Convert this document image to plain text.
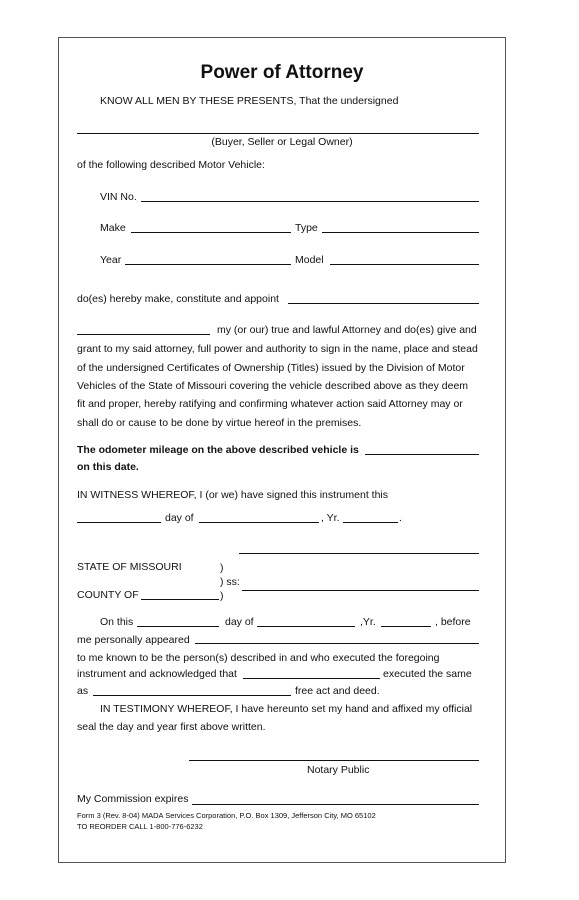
Power of Attorney
KNOW ALL MEN BY THESE PRESENTS, That the undersigned
(Buyer, Seller or Legal Owner)
of the following described Motor Vehicle:
VIN No.
Make	Type
Year	Model
do(es) hereby make, constitute and appoint
my (or our) true and lawful Attorney and do(es) give and
grant to my said attorney, full power and authority to sign in the name, place and stead
of the undersigned Certificates of Ownership (Titles) issued by the Division of Motor
Vehicles of the State of Missouri covering the vehicle described above as they deem
fit and proper, hereby ratifying and confirming whatever action said Attorney may or
shall do or cause to be done by virtue hereof in the premises.
The odometer mileage on the above described vehicle is
on this date.
IN WITNESS WHEREOF, I (or we) have signed this instrument this
day of	, Yr.	.
STATE OF MISSOURI	)
) ss:
COUNTY OF	)
On this	day of	,Yr.	, before
me personally appeared
to me known to be the person(s) described in and who executed the foregoing
instrument and acknowledged that	executed the same
as	free act and deed.
IN TESTIMONY WHEREOF, I have hereunto set my hand and affixed my official
seal the day and year first above written.
Notary Public
My Commission expires
Form 3 (Rev. 8-04) MADA Services Corporation, P.O. Box 1309, Jefferson City, MO 65102
TO REORDER CALL 1-800-776-6232
